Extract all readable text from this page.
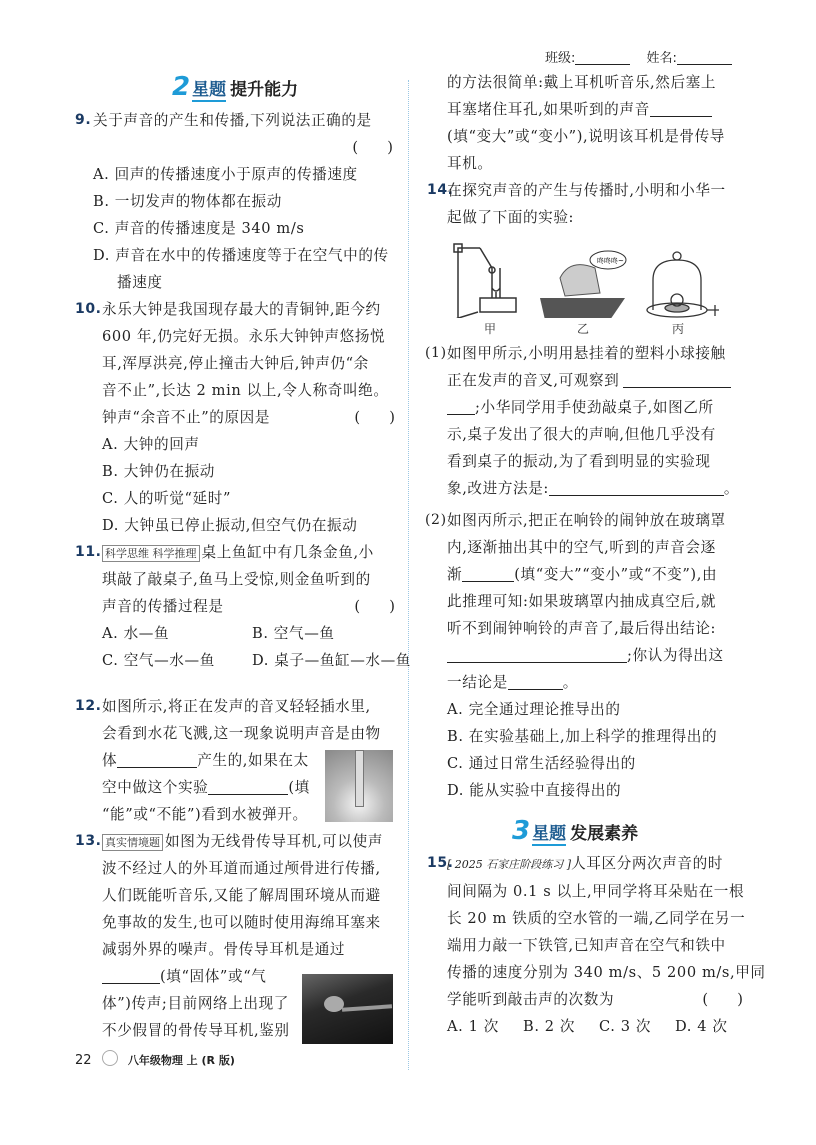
班级:	姓名:
2 星题 提升能力
9. 关于声音的产生和传播,下列说法正确的是
(　　)

A. 回声的传播速度小于原声的传播速度
B. 一切发声的物体都在振动
C. 声音的传播速度是 340 m/s
D. 声音在水中的传播速度等于在空气中的传
播速度
10. 永乐大钟是我国现存最大的青铜钟,距今约
600 年,仍完好无损。永乐大钟钟声悠扬悦
耳,浑厚洪亮,停止撞击大钟后,钟声仍“余
音不止”,长达 2 min 以上,令人称奇叫绝。
钟声“余音不止”的原因是	(　　)
A. 大钟的回声
B. 大钟仍在振动
C. 人的听觉“延时”
D. 大钟虽已停止振动,但空气仍在振动
11. 科学思维 科学推理 桌上鱼缸中有几条金鱼,小
琪敲了敲桌子,鱼马上受惊,则金鱼听到的
声音的传播过程是	(　　)
A. 水—鱼	B. 空气—鱼
C. 空气—水—鱼	D. 桌子—鱼缸—水—鱼
12. 如图所示,将正在发声的音叉轻轻插水里,
会看到水花飞溅,这一现象说明声音是由物
体	产生的,如果在太
空中做这个实验	(填
“能”或“不能”)看到水被弹开。
13. 真实情境题 如图为无线骨传导耳机,可以使声
波不经过人的外耳道而通过颅骨进行传播,
人们既能听音乐,又能了解周围环境从而避
免事故的发生,也可以随时使用海绵耳塞来
减弱外界的噪声。骨传导耳机是通过
(填“固体”或“气
体”)传声;目前网络上出现了
不少假冒的骨传导耳机,鉴别
22	八年级物理 上 (R 版)
的方法很简单:戴上耳机听音乐,然后塞上
耳塞堵住耳孔,如果听到的声音
(填“变大”或“变小”),说明该耳机是骨传导
耳机。
14.
在探究声音的产生与传播时,小明和小华一
起做了下面的实验:
咚咚咚~
甲	乙	丙
(1) 如图甲所示,小明用悬挂着的塑料小球接触
正在发声的音叉,可观察到
;小华同学用手使劲敲桌子,如图乙所
示,桌子发出了很大的声响,但他几乎没有
看到桌子的振动,为了看到明显的实验现
象,改进方法是:	。
(2) 如图丙所示,把正在响铃的闹钟放在玻璃罩
内,逐渐抽出其中的空气,听到的声音会逐
渐	(填“变大”“变小”或“不变”),由
此推理可知:如果玻璃罩内抽成真空后,就
听不到闹钟响铃的声音了,最后得出结论:
;你认为得出这
一结论是	。
A. 完全通过理论推导出的
B. 在实验基础上,加上科学的推理得出的
C. 通过日常生活经验得出的
D. 能从实验中直接得出的
3 星题 发展素养
15.
[ 2025 石家庄阶段练习 ]人耳区分两次声音的时
间间隔为 0.1 s 以上,甲同学将耳朵贴在一根
长 20 m 铁质的空水管的一端,乙同学在另一
端用力敲一下铁管,已知声音在空气和铁中
传播的速度分别为 340 m/s、5 200 m/s,甲同
学能听到敲击声的次数为	(　　)
A. 1 次 B. 2 次 C. 3 次 D. 4 次
